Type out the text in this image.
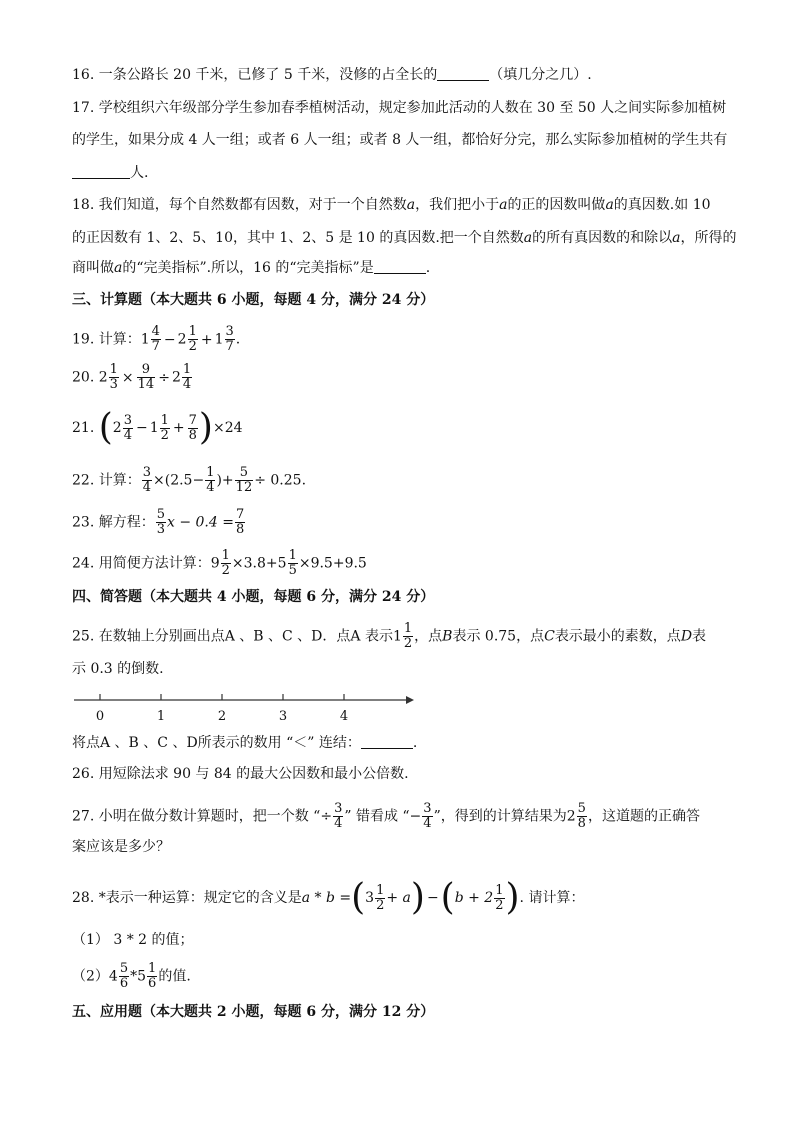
16. 一条公路长 20 千米，已修了 5 千米，没修的占全长的	（填几分之几）.
17. 学校组织六年级部分学生参加春季植树活动，规定参加此活动的人数在 30 至 50 人之间实际参加植树
的学生，如果分成 4 人一组；或者 6 人一组；或者 8 人一组，都恰好分完，那么实际参加植树的学生共有
人.
18. 我们知道，每个自然数都有因数，对于一个自然数a，我们把小于a的正的因数叫做a的真因数.如 10
的正因数有 1、2、5、10，其中 1、2、5 是 10 的真因数.把一个自然数a的所有真因数的和除以a，所得的
商叫做a的“完美指标”.所以，16 的“完美指标”是	.
三、计算题（本大题共 6 小题，每题 4 分，满分 24 分）
19. 计算：$1 \frac{4}{7} - 2 \frac{1}{2} + 1 \frac{3}{7}$ .
20. $2 \frac{1}{3} \times \frac{9}{14} \div 2 \frac{1}{4}$
21. $(2 \frac{3}{4} - 1 \frac{1}{2} + \frac{7}{8} )\times 24$
22. 计算： $\frac{3}{4} \times(2.5- \frac{1}{4}$ )+ $\frac{5}{12} \div 0.25$.
23. 解方程： $\frac{5}{3}$ $x - 0.4 = \frac{7}{8}$
24. 用简便方法计算：$9 \frac{1}{2} \times 3.8+5 \frac{1}{5} \times 9.5+9.5$
四、简答题（本大题共 4 小题，每题 6 分，满分 24 分）
25. 在数轴上分别画出点A 、B 、C 、D．点A 表示$1 \frac{1}{2}$ ，点B表示 0.75，点C表示最小的素数，点D表
示 0.3 的倒数.
0	1	2	3	4
将点A 、B 、C 、D所表示的数用 “＜” 连结：	.
26. 用短除法求 90 与 84 的最大公因数和最小公倍数.
27. 小明在做分数计算题时，把一个数 “÷ $\frac{3}{4}$ ” 错看成 “− $\frac{3}{4}$ ”，得到的计算结果为$2 \frac{5}{8}$ ，这道题的正确答
案应该是多少？
28. *表示一种运算：规定它的含义是$a * b =(3 \frac{1}{2} + a) -(b + 2 \frac{1}{2}$ ). 请计算：
（1） 3 * 2 的值；
$(2)4 \frac{5}{6} *5 \frac{1}{6}$ 的值.
五、应用题（本大题共 2 小题，每题 6 分，满分 12 分）
